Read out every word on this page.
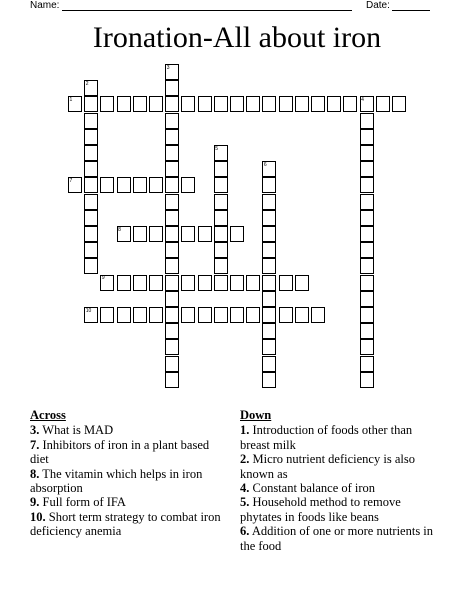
Name:	Date:
Ironation-All about iron
1
2
3
4
5
6
7
8
9
10
Across
3. What is MAD
7. Inhibitors of iron in a plant based diet
8. The vitamin which helps in iron absorption
9. Full form of IFA
10. Short term strategy to combat iron deficiency anemia
Down
1. Introduction of foods other than breast milk
2. Micro nutrient deficiency is also known as
4. Constant balance of iron
5. Household method to remove phytates in foods like beans
6. Addition of one or more nutrients in the food
